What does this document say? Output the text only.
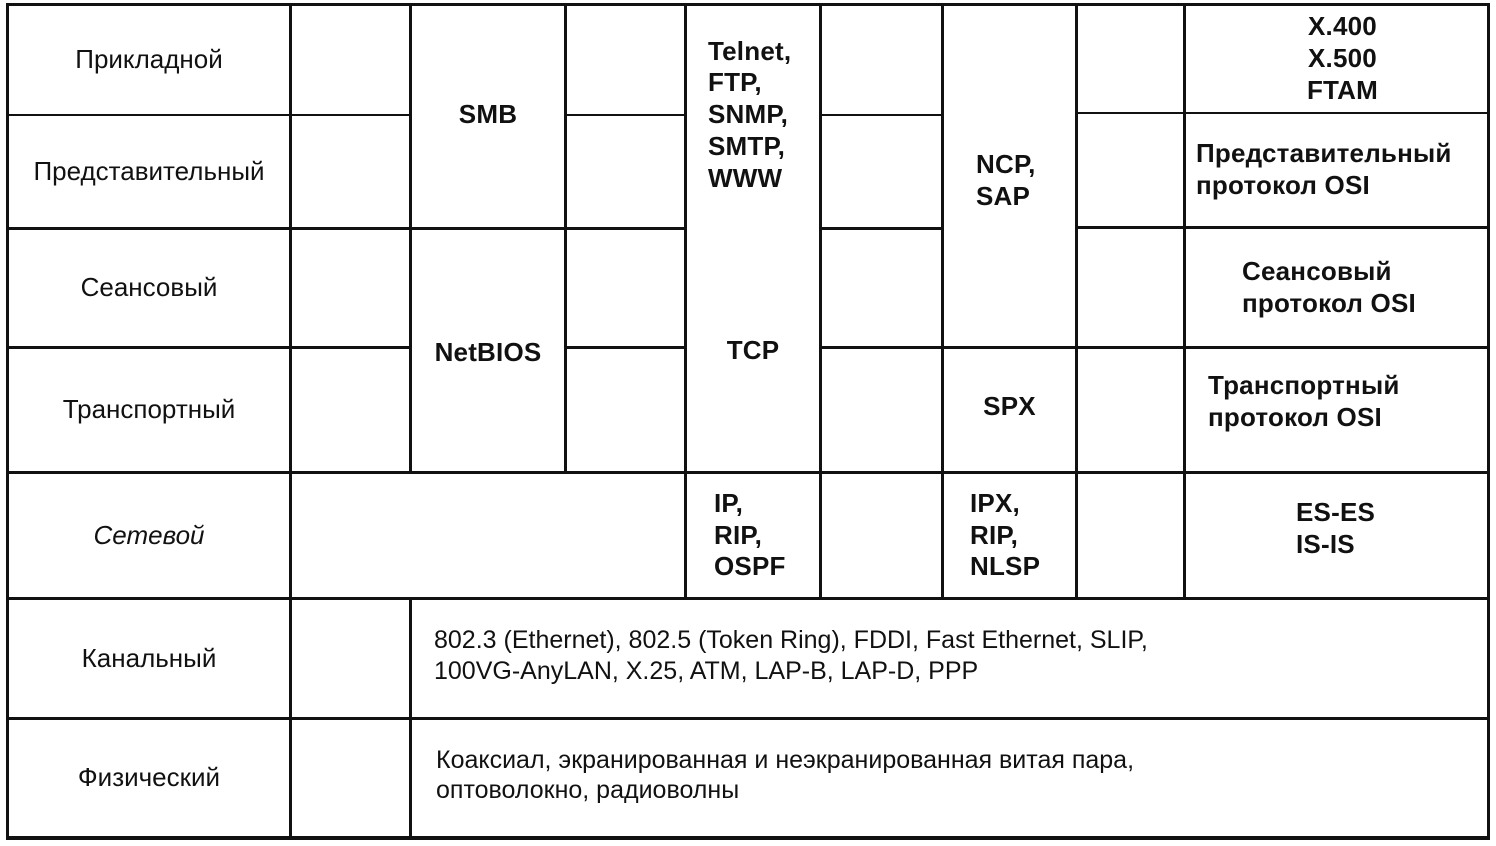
Прикладной
Представительный
Сеансовый
Транспортный
Сетевой
Канальный
Физический
SMB
NetBIOS
Telnet,
FTP,
SNMP,
SMTP,
WWW
TCP
IP,
RIP,
OSPF
NCP,
SAP
SPX
IPX,
RIP,
NLSP
X.400
X.500
FTAM
Представительный
протокол OSI
Сеансовый
протокол OSI
Транспортный
протокол OSI
ES-ES
IS-IS
802.3 (Ethernet), 802.5 (Token Ring), FDDI, Fast Ethernet, SLIP,
100VG-AnyLAN, X.25, ATM, LAP-B, LAP-D, PPP
Коаксиал, экранированная и неэкранированная витая пара,
оптоволокно, радиоволны
